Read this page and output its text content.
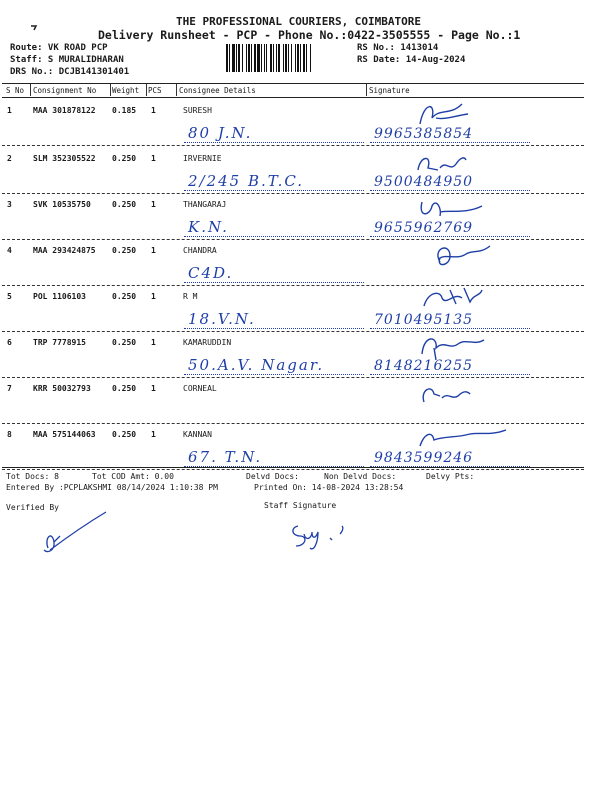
THE PROFESSIONAL COURIERS, COIMBATORE
Delivery Runsheet - PCP - Phone No.:0422-3505555 - Page No.:1
Route: VK ROAD PCP
Staff: S MURALIDHARAN
DRS No.: DCJB141301401
RS No.: 1413014
RS Date: 14-Aug-2024
S No Consignment No Weight PCS Consignee Details	Signature
1	MAA 301878122 0.185 1	SURESH
80 J.N.	9965385854
2	SLM 352305522 0.250 1	IRVERNIE
2/245 B.T.C.	9500484950
3	SVK 10535750	0.250 1	THANGARAJ
K.N.	9655962769
4	MAA 293424875 0.250 1	CHANDRA
C4D.
5	POL 1106103	0.250 1	R M
18.V.N.	7010495135
6	TRP 7778915	0.250 1	KAMARUDDIN
50.A.V. Nagar.	8148216255
7	KRR 50032793	0.250 1	CORNEAL
8	MAA 575144063 0.250 1	KANNAN
67. T.N.	9843599246
Tot Docs: 8	Tot COD Amt: 0.00	Delvd Docs:	Non Delvd Docs:	Delvy Pts:
Entered By :PCPLAKSHMI 08/14/2024 1:10:38 PM	Printed On: 14-08-2024 13:28:54
Verified By	Staff Signature
